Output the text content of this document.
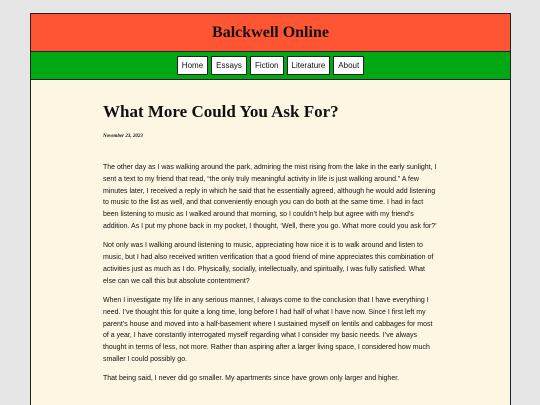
Balckwell Online
Home	Essays	Fiction	Literature	About
What More Could You Ask For?
November 23, 2023

The other day as I was walking around the park, admiring the mist rising from the lake in the early sunlight, I sent a text to my friend that read, “the only truly meaningful activity in life is just walking around.” A few minutes later, I received a reply in which he said that he essentially agreed, although he would add listening to music to the list as well, and that conveniently enough you can do both at the same time. I had in fact been listening to music as I walked around that morning, so I couldn’t help but agree with my friend’s addition. As I put my phone back in my pocket, I thought, ‘Well, there you go. What more could you ask for?’

Not only was I walking around listening to music, appreciating how nice it is to walk around and listen to music, but I had also received written verification that a good friend of mine appreciates this combination of activities just as much as I do. Physically, socially, intellectually, and spiritually, I was fully satisfied. What else can we call this but absolute contentment?

When I investigate my life in any serious manner, I always come to the conclusion that I have everything I need. I’ve thought this for quite a long time, long before I had half of what I have now. Since I first left my parent’s house and moved into a half-basement where I sustained myself on lentils and cabbages for most of a year, I have constantly interrogated myself regarding what I consider my basic needs. I’ve always thought in terms of less, not more. Rather than aspiring after a larger living space, I considered how much smaller I could possibly go.

That being said, I never did go smaller. My apartments since have grown only larger and higher.
